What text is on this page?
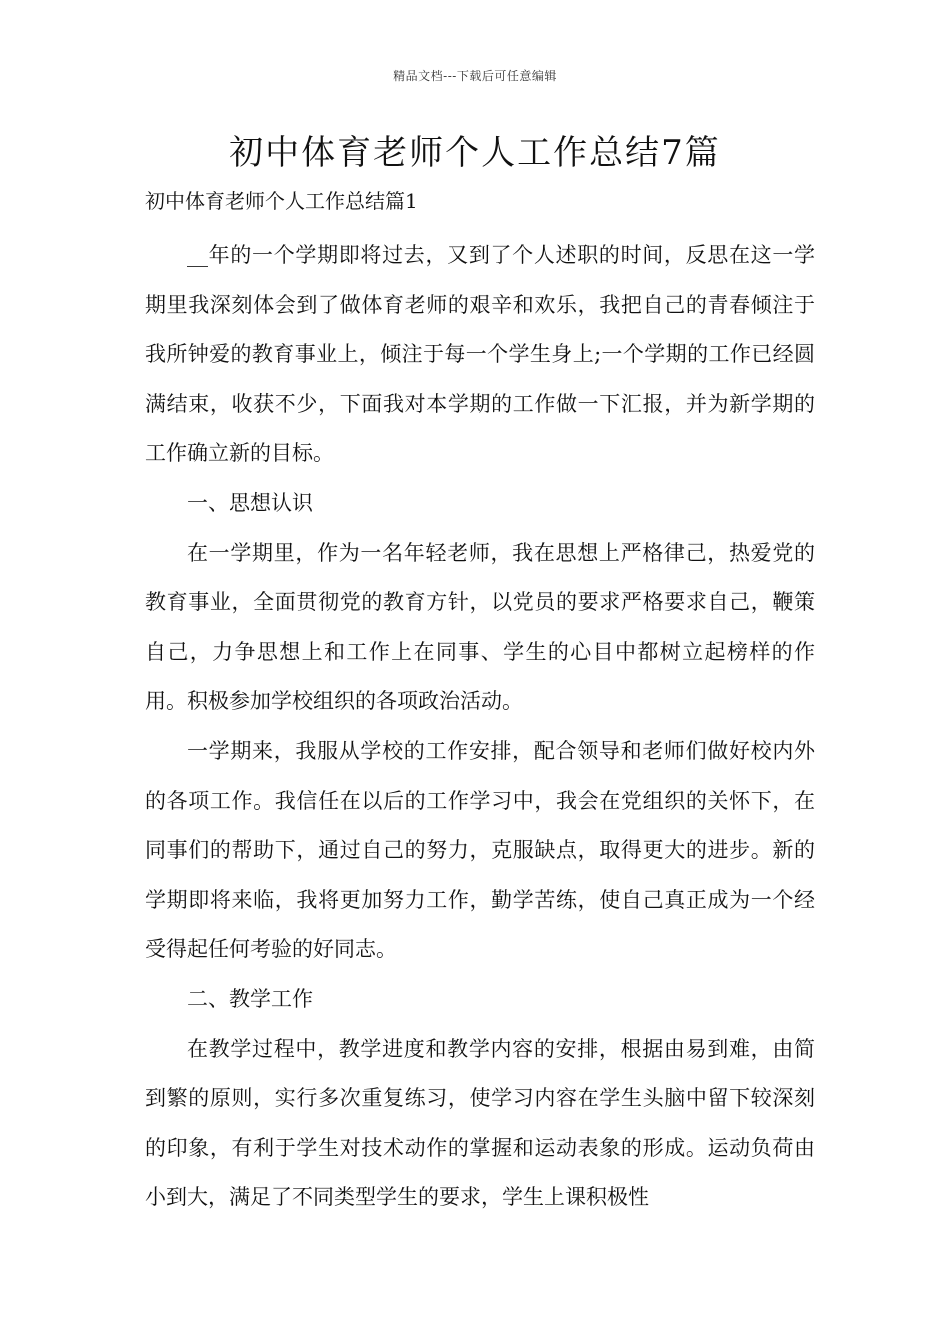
精品文档---下载后可任意编辑
初中体育老师个人工作总结7篇

初中体育老师个人工作总结篇1

__年的一个学期即将过去，又到了个人述职的时间，反思在这一学期里我深刻体会到了做体育老师的艰辛和欢乐，我把自己的青春倾注于我所钟爱的教育事业上，倾注于每一个学生身上;一个学期的工作已经圆满结束，收获不少，下面我对本学期的工作做一下汇报，并为新学期的工作确立新的目标。

一、思想认识

在一学期里，作为一名年轻老师，我在思想上严格律己，热爱党的教育事业，全面贯彻党的教育方针，以党员的要求严格要求自己，鞭策自己，力争思想上和工作上在同事、学生的心目中都树立起榜样的作用。积极参加学校组织的各项政治活动。

一学期来，我服从学校的工作安排，配合领导和老师们做好校内外的各项工作。我信任在以后的工作学习中，我会在党组织的关怀下，在同事们的帮助下，通过自己的努力，克服缺点，取得更大的进步。新的学期即将来临，我将更加努力工作，勤学苦练，使自己真正成为一个经受得起任何考验的好同志。

二、教学工作

在教学过程中，教学进度和教学内容的安排，根据由易到难，由简到繁的原则，实行多次重复练习，使学习内容在学生头脑中留下较深刻的印象，有利于学生对技术动作的掌握和运动表象的形成。运动负荷由小到大，满足了不同类型学生的要求，学生上课积极性
